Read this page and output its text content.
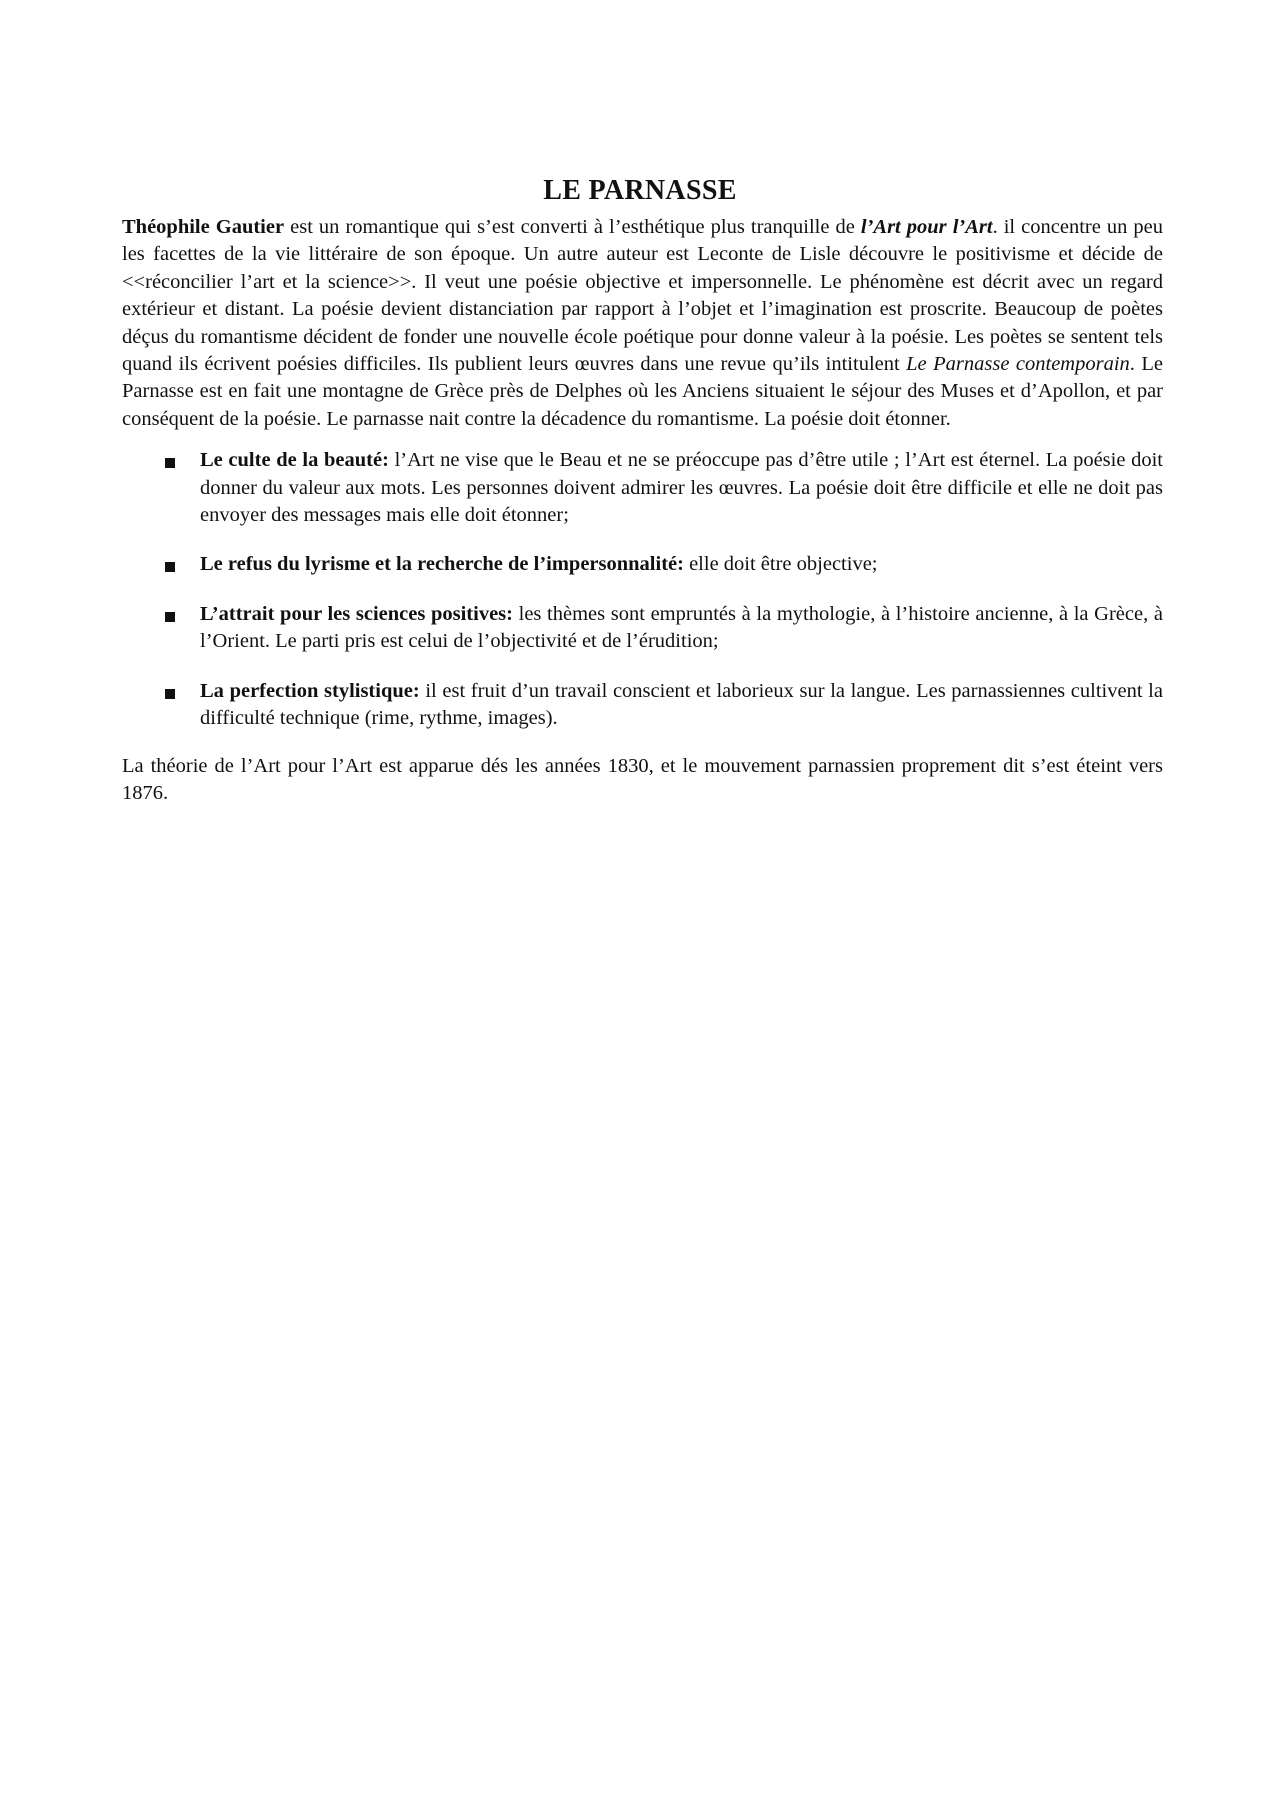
LE PARNASSE

Théophile Gautier est un romantique qui s’est converti à l’esthétique plus tranquille de l’Art pour l’Art. il concentre un peu les facettes de la vie littéraire de son époque. Un autre auteur est Leconte de Lisle découvre le positivisme et décide de <<réconcilier l’art et la science>>. Il veut une poésie objective et impersonnelle. Le phénomène est décrit avec un regard extérieur et distant. La poésie devient distanciation par rapport à l’objet et l’imagination est proscrite. Beaucoup de poètes déçus du romantisme décident de fonder une nouvelle école poétique pour donne valeur à la poésie. Les poètes se sentent tels quand ils écrivent poésies difficiles. Ils publient leurs œuvres dans une revue qu’ils intitulent Le Parnasse contemporain. Le Parnasse est en fait une montagne de Grèce près de Delphes où les Anciens situaient le séjour des Muses et d’Apollon, et par conséquent de la poésie. Le parnasse nait contre la décadence du romantisme. La poésie doit étonner.

Le culte de la beauté: l’Art ne vise que le Beau et ne se préoccupe pas d’être utile ; l’Art est éternel. La poésie doit donner du valeur aux mots. Les personnes doivent admirer les œuvres. La poésie doit être difficile et elle ne doit pas envoyer des messages mais elle doit étonner;
Le refus du lyrisme et la recherche de l’impersonnalité: elle doit être objective;
L’attrait pour les sciences positives: les thèmes sont empruntés à la mythologie, à l’histoire ancienne, à la Grèce, à l’Orient. Le parti pris est celui de l’objectivité et de l’érudition;
La perfection stylistique: il est fruit d’un travail conscient et laborieux sur la langue. Les parnassiennes cultivent la difficulté technique (rime, rythme, images).

La théorie de l’Art pour l’Art est apparue dés les années 1830, et le mouvement parnassien proprement dit s’est éteint vers 1876.
